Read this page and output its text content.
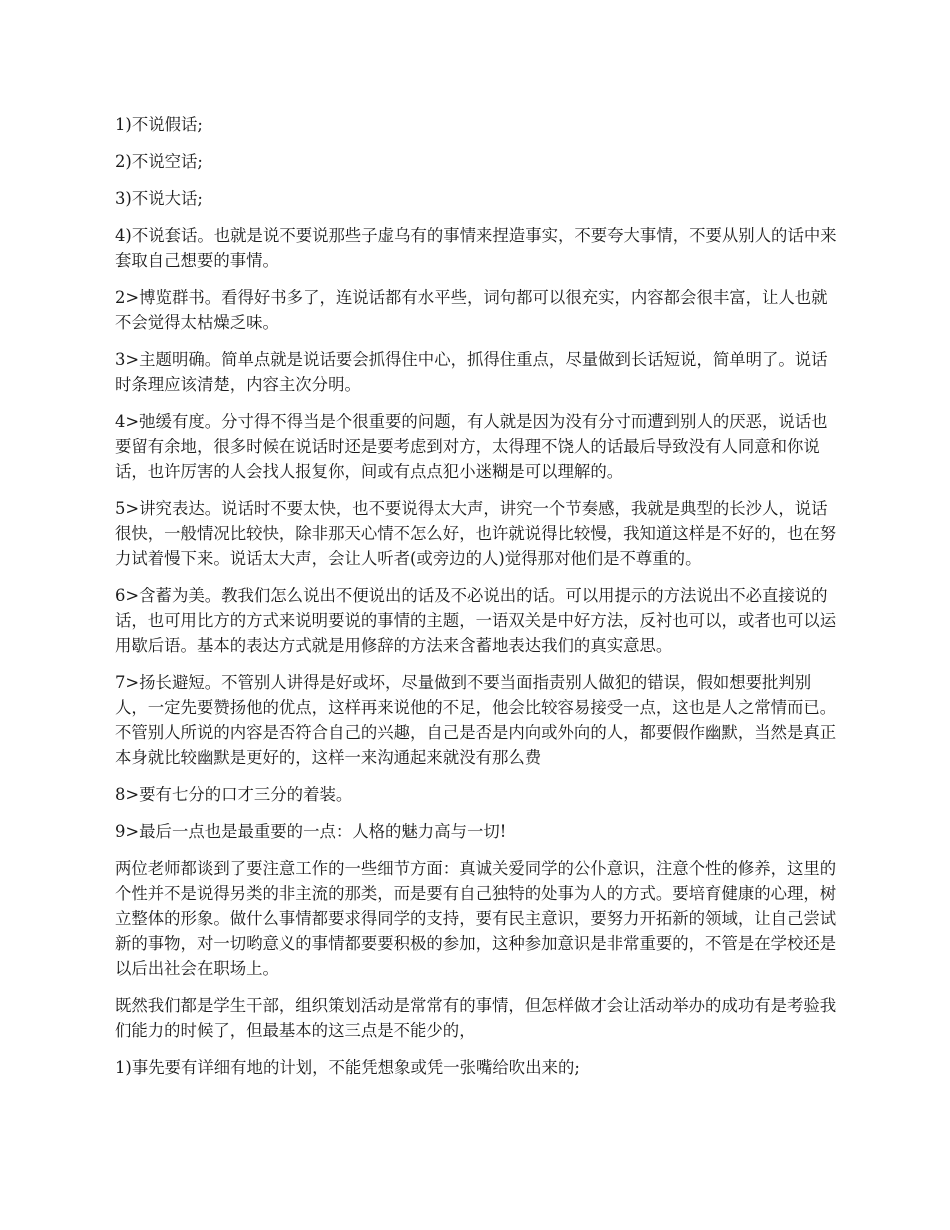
1)不说假话;

2)不说空话;

3)不说大话;

4)不说套话。也就是说不要说那些子虚乌有的事情来捏造事实，不要夸大事情，不要从别人的话中来套取自己想要的事情。

2>博览群书。看得好书多了，连说话都有水平些，词句都可以很充实，内容都会很丰富，让人也就不会觉得太枯燥乏味。

3>主题明确。简单点就是说话要会抓得住中心，抓得住重点，尽量做到长话短说，简单明了。说话时条理应该清楚，内容主次分明。

4>弛缓有度。分寸得不得当是个很重要的问题，有人就是因为没有分寸而遭到别人的厌恶，说话也要留有余地，很多时候在说话时还是要考虑到对方，太得理不饶人的话最后导致没有人同意和你说话，也许厉害的人会找人报复你，间或有点点犯小迷糊是可以理解的。

5>讲究表达。说话时不要太快，也不要说得太大声，讲究一个节奏感，我就是典型的长沙人，说话很快，一般情况比较快，除非那天心情不怎么好，也许就说得比较慢，我知道这样是不好的，也在努力试着慢下来。说话太大声，会让人听者(或旁边的人)觉得那对他们是不尊重的。

6>含蓄为美。教我们怎么说出不便说出的话及不必说出的话。可以用提示的方法说出不必直接说的话，也可用比方的方式来说明要说的事情的主题，一语双关是中好方法，反衬也可以，或者也可以运用歇后语。基本的表达方式就是用修辞的方法来含蓄地表达我们的真实意思。

7>扬长避短。不管别人讲得是好或坏，尽量做到不要当面指责别人做犯的错误，假如想要批判别人，一定先要赞扬他的优点，这样再来说他的不足，他会比较容易接受一点，这也是人之常情而已。不管别人所说的内容是否符合自己的兴趣，自己是否是内向或外向的人，都要假作幽默，当然是真正本身就比较幽默是更好的，这样一来沟通起来就没有那么费

8>要有七分的口才三分的着装。

9>最后一点也是最重要的一点：人格的魅力高与一切!

两位老师都谈到了要注意工作的一些细节方面：真诚关爱同学的公仆意识，注意个性的修养，这里的个性并不是说得另类的非主流的那类，而是要有自己独特的处事为人的方式。要培育健康的心理，树立整体的形象。做什么事情都要求得同学的支持，要有民主意识，要努力开拓新的领域，让自己尝试新的事物，对一切哟意义的事情都要要积极的参加，这种参加意识是非常重要的，不管是在学校还是以后出社会在职场上。

既然我们都是学生干部，组织策划活动是常常有的事情，但怎样做才会让活动举办的成功有是考验我们能力的时候了，但最基本的这三点是不能少的，

1)事先要有详细有地的计划，不能凭想象或凭一张嘴给吹出来的;
